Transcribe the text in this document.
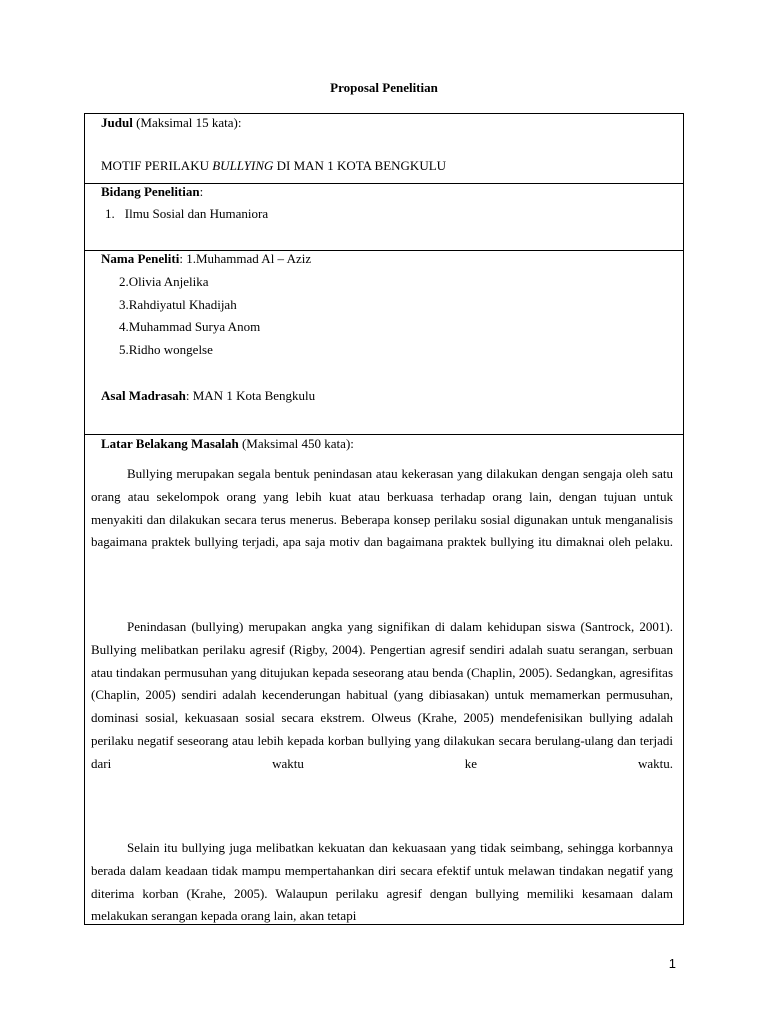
Proposal Penelitian
Judul (Maksimal 15 kata):
MOTIF PERILAKU BULLYING DI MAN 1 KOTA BENGKULU
Bidang Penelitian:
1. Ilmu Sosial dan Humaniora
Nama Peneliti: 1.Muhammad Al – Aziz
2.Olivia Anjelika
3.Rahdiyatul Khadijah
4.Muhammad Surya Anom
5.Ridho wongelse
Asal Madrasah: MAN 1 Kota Bengkulu
Latar Belakang Masalah (Maksimal 450 kata):
Bullying merupakan segala bentuk penindasan atau kekerasan yang dilakukan dengan sengaja oleh satu orang atau sekelompok orang yang lebih kuat atau berkuasa terhadap orang lain, dengan tujuan untuk menyakiti dan dilakukan secara terus menerus. Beberapa konsep perilaku sosial digunakan untuk menganalisis bagaimana praktek bullying terjadi, apa saja motiv dan bagaimana praktek bullying itu dimaknai oleh pelaku.
Penindasan (bullying) merupakan angka yang signifikan di dalam kehidupan siswa (Santrock, 2001). Bullying melibatkan perilaku agresif (Rigby, 2004). Pengertian agresif sendiri adalah suatu serangan, serbuan atau tindakan permusuhan yang ditujukan kepada seseorang atau benda (Chaplin, 2005). Sedangkan, agresifitas (Chaplin, 2005) sendiri adalah kecenderungan habitual (yang dibiasakan) untuk memamerkan permusuhan, dominasi sosial, kekuasaan sosial secara ekstrem. Olweus (Krahe, 2005) mendefenisikan bullying adalah perilaku negatif seseorang atau lebih kepada korban bullying yang dilakukan secara berulang-ulang dan terjadi dari waktu ke waktu.
Selain itu bullying juga melibatkan kekuatan dan kekuasaan yang tidak seimbang, sehingga korbannya berada dalam keadaan tidak mampu mempertahankan diri secara efektif untuk melawan tindakan negatif yang diterima korban (Krahe, 2005). Walaupun perilaku agresif dengan bullying memiliki kesamaan dalam melakukan serangan kepada orang lain, akan tetapi
1
